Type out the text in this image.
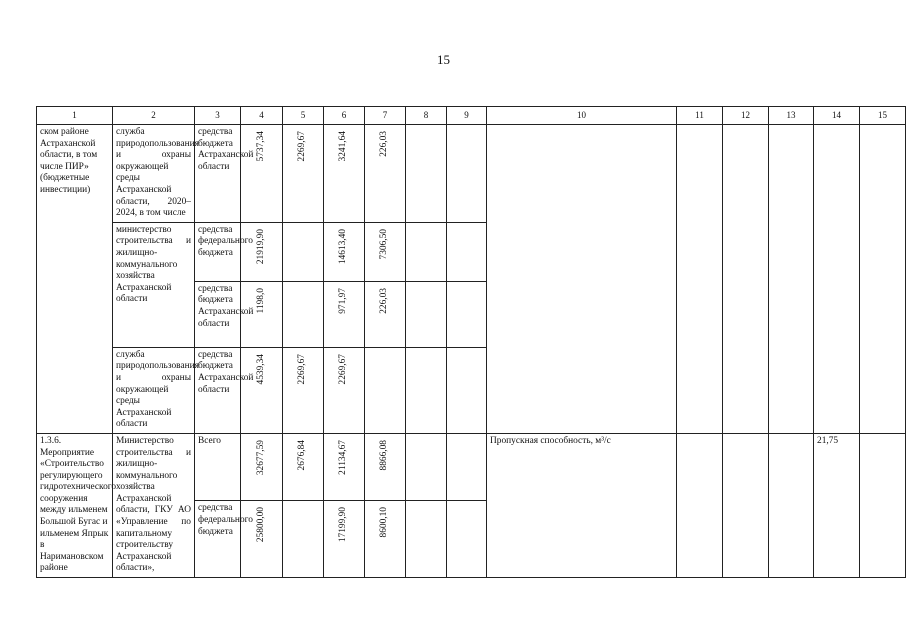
15
1	2	3	4	5	6	7	8	9	10	11	12	13	14	15
ском районе Астраханской области, в том числе ПИР» (бюджетные инвестиции)	служба природопользования и охраны окружающей среды Астраханской области, 2020–2024, в том числе	средства бюджета Астраханской области	5737,34	2269,67	3241,64	226,03								
	министерство строительства и жилищно-коммунального хозяйства Астраханской области	средства федерального бюджета	21919,90		14613,40	7306,50								
		средства бюджета Астраханской области	1198,0		971,97	226,03								
	служба природопользования и охраны окружающей среды Астраханской области	средства бюджета Астраханской области	4539,34	2269,67	2269,67									
1.3.6. Мероприятие «Строительство регулирующего гидротехнического сооружения между ильменем Большой Бугас и ильменем Япрык в Наримановском районе	Министерство строительства и жилищно-коммунального хозяйства Астраханской области, ГКУ АО «Управление по капитальному строительству Астраханской области»,	Всего	32677,59	2676,84	21134,67	8866,08			Пропускная способность, м³/с				21,75	
		средства федерального бюджета	25800,00		17199,90	8600,10								
